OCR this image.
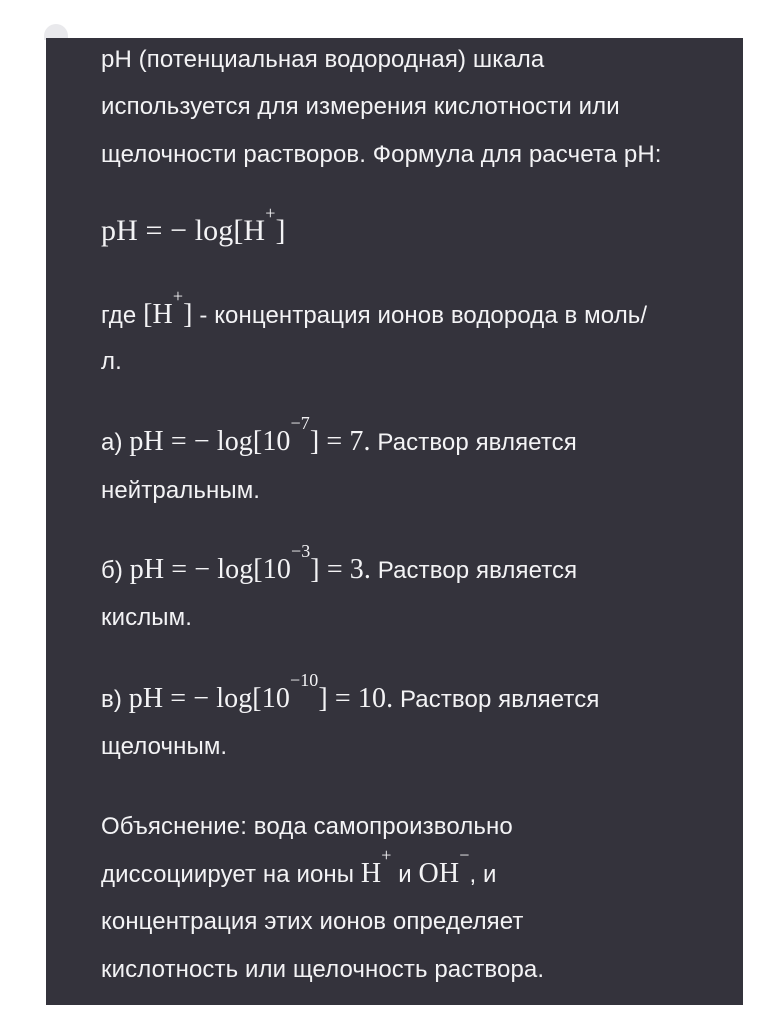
pH (потенциальная водородная) шкала
используется для измерения кислотности или
щелочности растворов. Формула для расчета pH:
pH = − log[H+]
где [H+] - концентрация ионов водорода в моль/
л.
а) pH = − $\log[10^{-7}] = 7$. Раствор является
нейтральным.
б) pH = − $\log[10^{-3}] = 3$. Раствор является
кислым.
в) pH = − $\log[10^{-10}] = 10$. Раствор является
щелочным.
Объяснение: вода самопроизвольно
диссоциирует на ионы H+ и OH−, и
концентрация этих ионов определяет
кислотность или щелочность раствора.
